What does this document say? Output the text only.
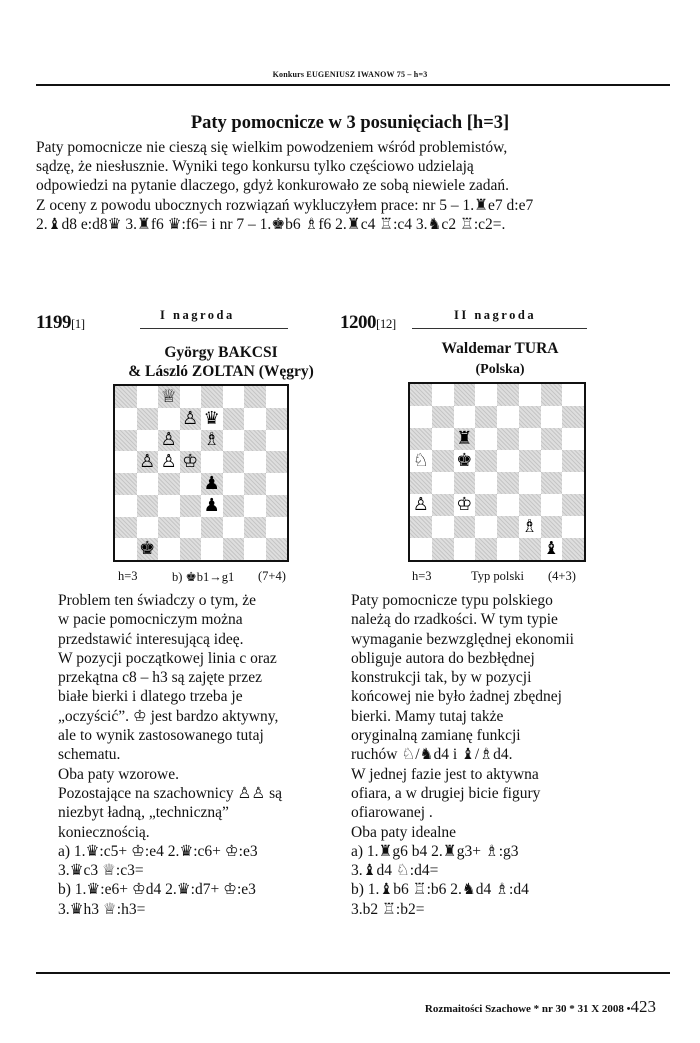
Konkurs EUGENIUSZ IWANOW 75 – h=3
Paty pomocnicze w 3 posunięciach [h=3]
Paty pomocnicze nie cieszą się wielkim powodzeniem wśród problemistów,
sądzę, że niesłusznie. Wyniki tego konkursu tylko częściowo udzielają
odpowiedzi na pytanie dlaczego, gdyż konkurowało ze sobą niewiele zadań.
Z oceny z powodu ubocznych rozwiązań wykluczyłem prace: nr 5 – 1.♜e7 d:e7
2.♝d8 e:d8♛ 3.♜f6 ♛:f6= i nr 7 – 1.♚b6 ♗f6 2.♜c4 ♖:c4 3.♞c2 ♖:c2=.
1199[1]
I nagroda
György BAKCSI
& László ZOLTAN (Węgry)
♕
♙ ♛
♙ ♗
♙ ♙ ♔
♟
♟
♚
h=3	b) ♚b1→g1 (7+4)
Problem ten świadczy o tym, że
w pacie pomocniczym można
przedstawić interesującą ideę.
W pozycji początkowej linia c oraz
przekątna c8 – h3 są zajęte przez
białe bierki i dlatego trzeba je
„oczyścić”. ♔ jest bardzo aktywny,
ale to wynik zastosowanego tutaj
schematu.
Oba paty wzorowe.
Pozostające na szachownicy ♙♙ są
niezbyt ładną, „techniczną”
koniecznością.
a) 1.♛:c5+ ♔:e4 2.♛:c6+ ♔:e3
3.♛c3 ♕:c3=
b) 1.♛:e6+ ♔d4 2.♛:d7+ ♔:e3
3.♛h3 ♕:h3=
1200[12]
II nagroda
Waldemar TURA
(Polska)
♜
♘ ♚
♙ ♔
♗
♝
h=3	Typ polski (4+3)
Paty pomocnicze typu polskiego
należą do rzadkości. W tym typie
wymaganie bezwzględnej ekonomii
obliguje autora do bezbłędnej
konstrukcji tak, by w pozycji
końcowej nie było żadnej zbędnej
bierki. Mamy tutaj także
oryginalną zamianę funkcji
ruchów ♘/♞d4 i ♝/♗d4.
W jednej fazie jest to aktywna
ofiara, a w drugiej bicie figury
ofiarowanej .
Oba paty idealne
a) 1.♜g6 b4 2.♜g3+ ♗:g3
3.♝d4 ♘:d4=
b) 1.♝b6 ♖:b6 2.♞d4 ♗:d4
3.b2 ♖:b2=
Rozmaitości Szachowe * nr 30 * 31 X 2008 •423
